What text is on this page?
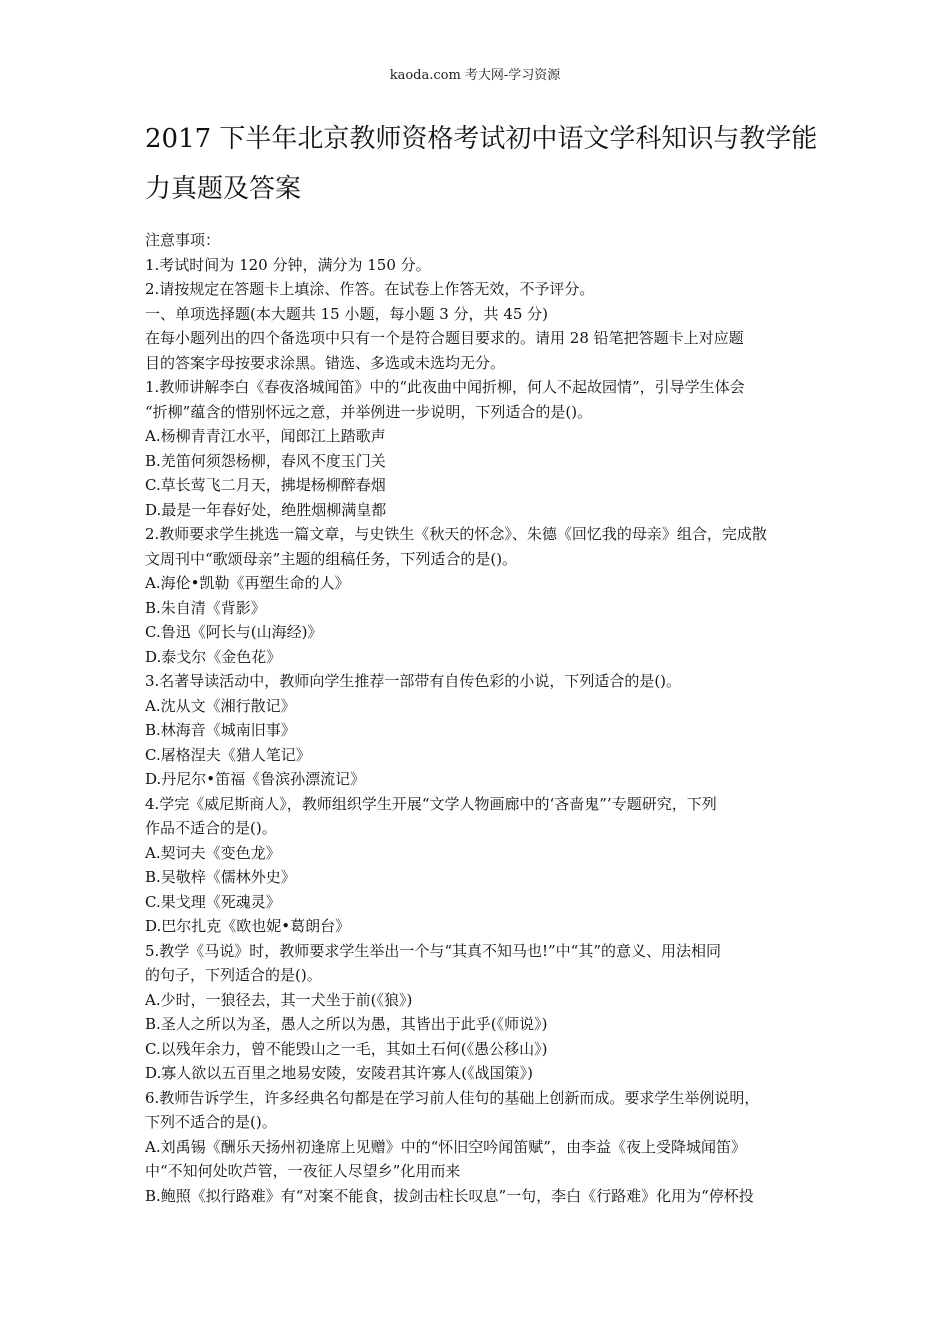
kaoda.com 考大网-学习资源
2017 下半年北京教师资格考试初中语文学科知识与教学能
力真题及答案
注意事项：
1.考试时间为 120 分钟，满分为 150 分。
2.请按规定在答题卡上填涂、作答。在试卷上作答无效，不予评分。
一、单项选择题(本大题共 15 小题，每小题 3 分，共 45 分)
在每小题列出的四个备选项中只有一个是符合题目要求的。请用 28 铅笔把答题卡上对应题
目的答案字母按要求涂黑。错选、多选或未选均无分。
1.教师讲解李白《春夜洛城闻笛》中的“此夜曲中闻折柳，何人不起故园情”，引导学生体会
“折柳”蕴含的惜别怀远之意，并举例进一步说明，下列适合的是()。
A.杨柳青青江水平，闻郎江上踏歌声
B.羌笛何须怨杨柳，春风不度玉门关
C.草长莺飞二月天，拂堤杨柳醉春烟
D.最是一年春好处，绝胜烟柳满皇都
2.教师要求学生挑选一篇文章，与史铁生《秋天的怀念》、朱德《回忆我的母亲》组合，完成散
文周刊中“歌颂母亲”主题的组稿任务，下列适合的是()。
A.海伦•凯勒《再塑生命的人》
B.朱自清《背影》
C.鲁迅《阿长与(山海经)》
D.泰戈尔《金色花》
3.名著导读活动中，教师向学生推荐一部带有自传色彩的小说，下列适合的是()。
A.沈从文《湘行散记》
B.林海音《城南旧事》
C.屠格涅夫《猎人笔记》
D.丹尼尔•笛福《鲁滨孙漂流记》
4.学完《威尼斯商人》，教师组织学生开展“文学人物画廊中的‘吝啬鬼”’专题研究，下列
作品不适合的是()。
A.契诃夫《变色龙》
B.吴敬梓《儒林外史》
C.果戈理《死魂灵》
D.巴尔扎克《欧也妮•葛朗台》
5.教学《马说》时，教师要求学生举出一个与“其真不知马也!”中“其”的意义、用法相同
的句子，下列适合的是()。
A.少时，一狼径去，其一犬坐于前(《狼》)
B.圣人之所以为圣，愚人之所以为愚，其皆出于此乎(《师说》)
C.以残年余力，曾不能毁山之一毛，其如土石何(《愚公移山》)
D.寡人欲以五百里之地易安陵，安陵君其许寡人(《战国策》)
6.教师告诉学生，许多经典名句都是在学习前人佳句的基础上创新而成。要求学生举例说明，
下列不适合的是()。
A.刘禹锡《酬乐天扬州初逢席上见赠》中的“怀旧空吟闻笛赋”，由李益《夜上受降城闻笛》
中“不知何处吹芦管，一夜征人尽望乡”化用而来
B.鲍照《拟行路难》有“对案不能食，拔剑击柱长叹息”一句，李白《行路难》化用为“停杯投
